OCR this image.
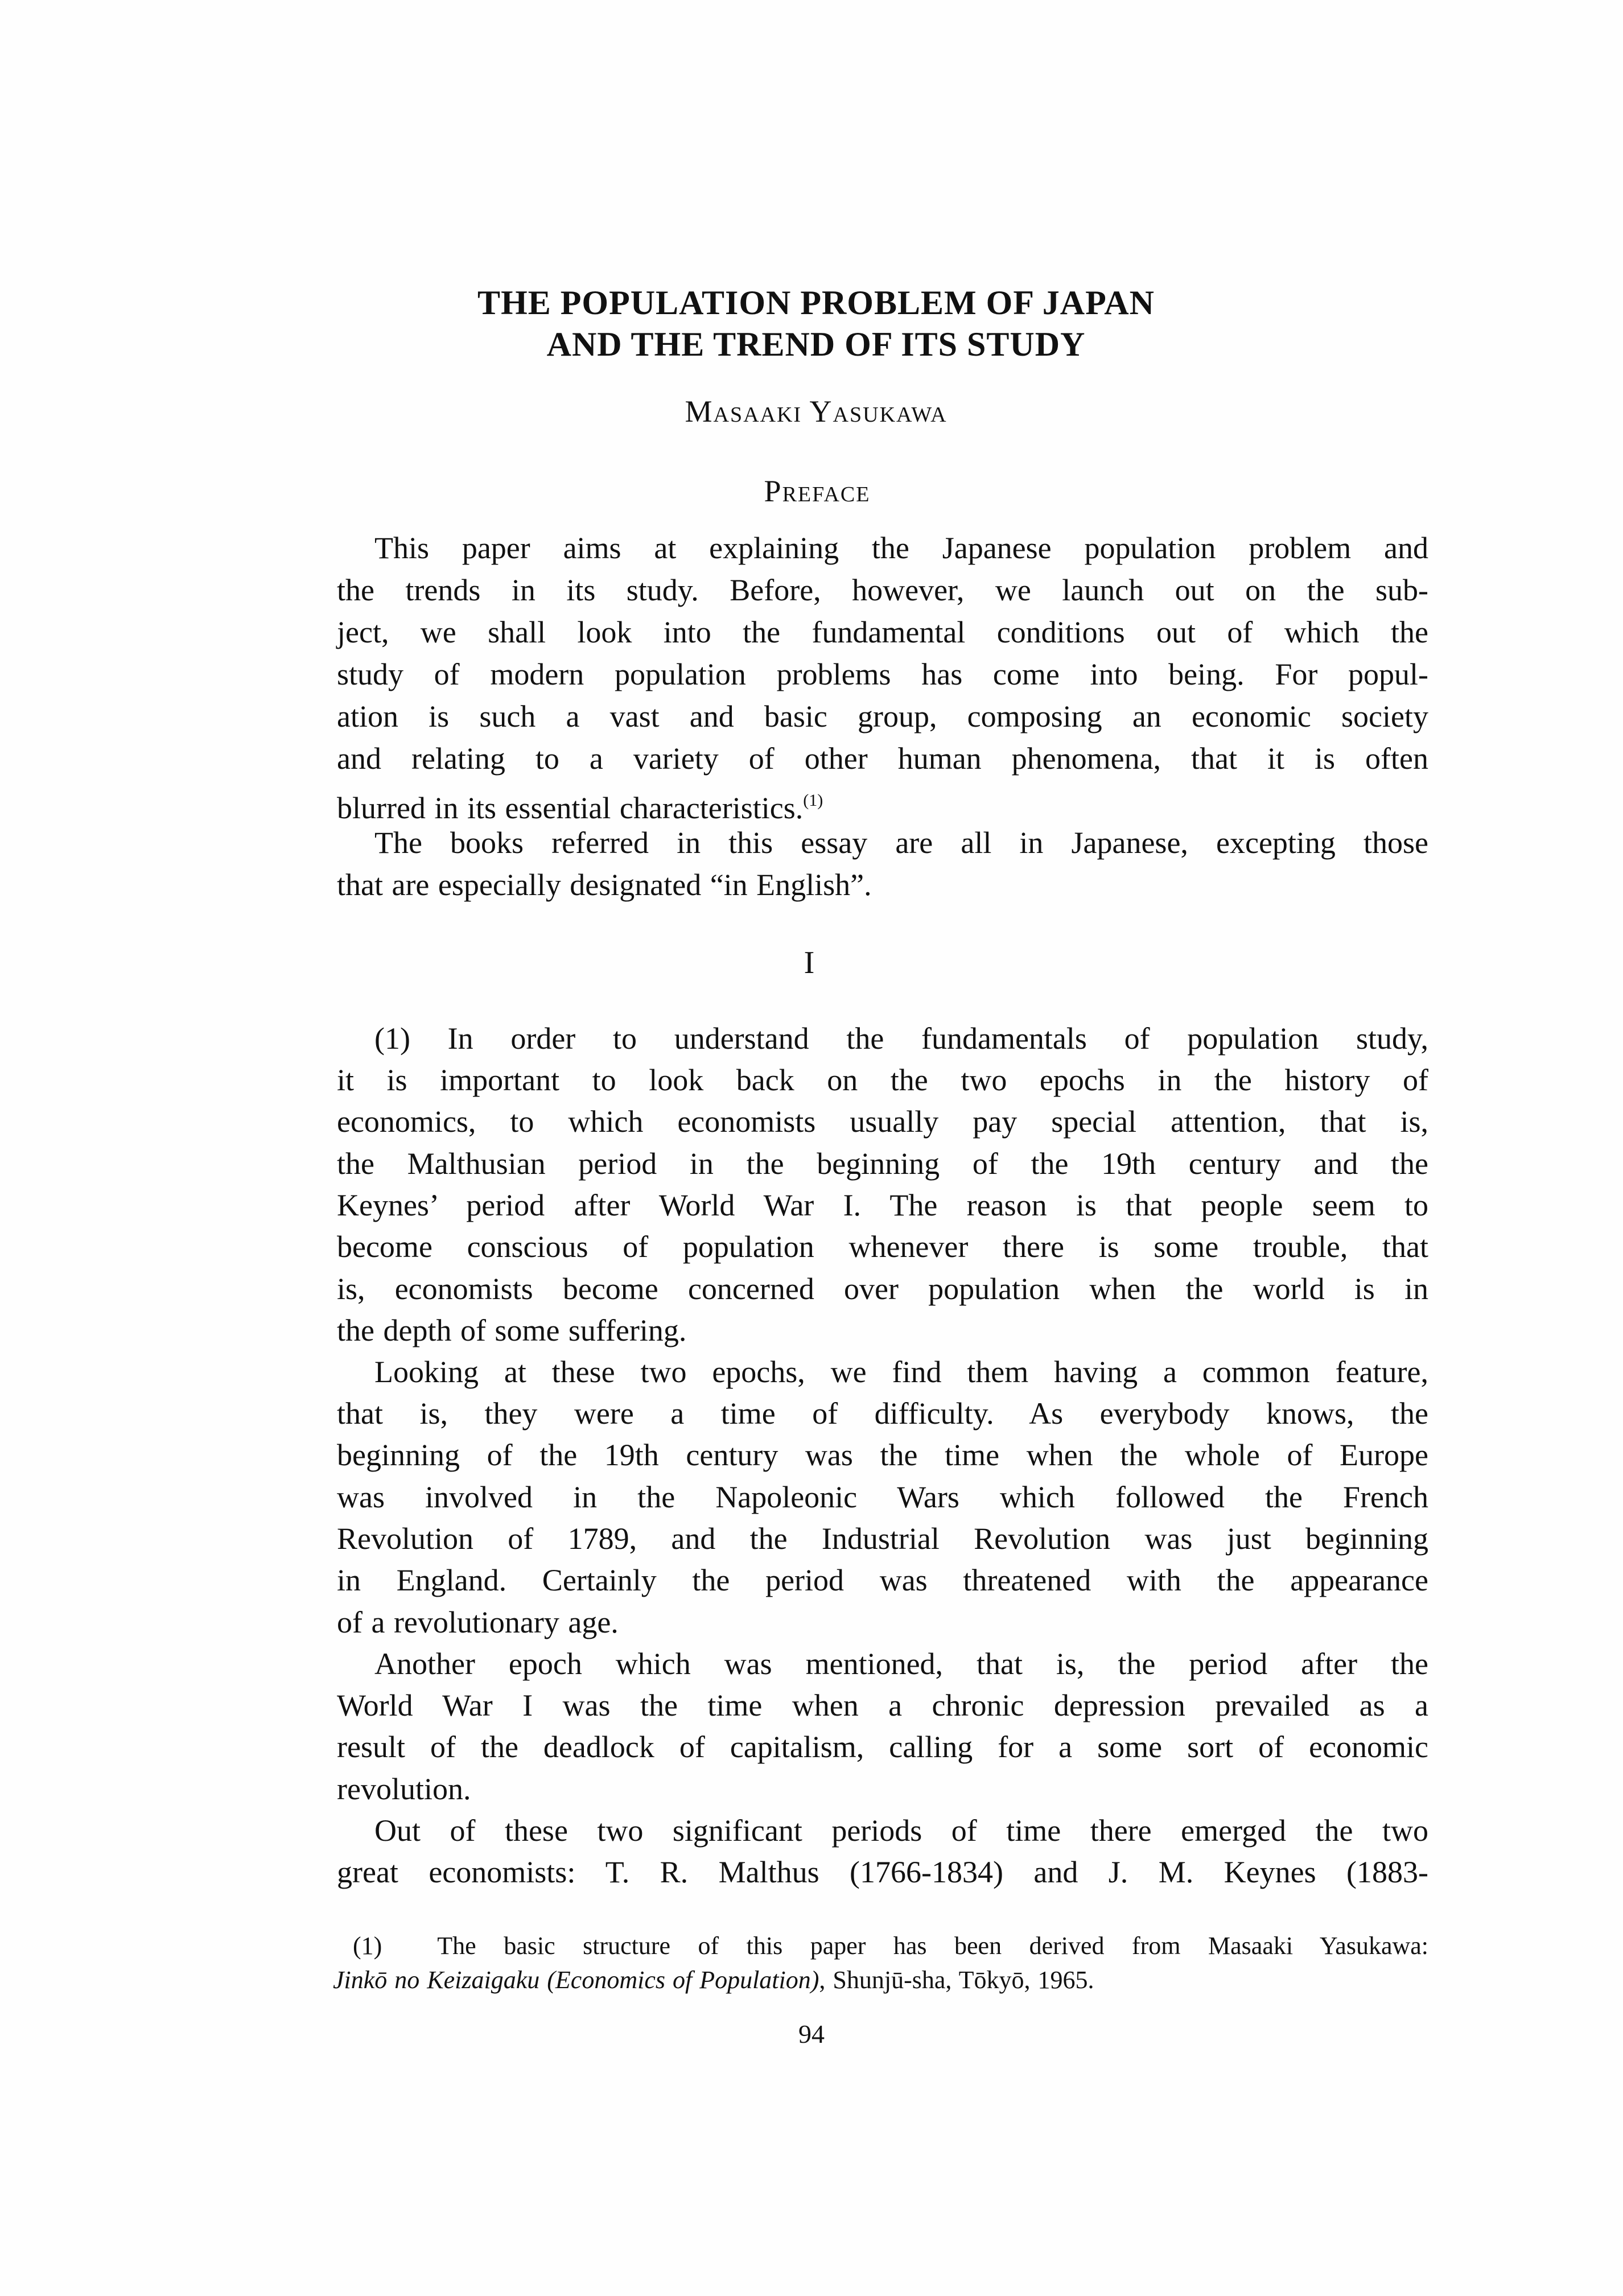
THE POPULATION PROBLEM OF JAPAN
AND THE TREND OF ITS STUDY
Masaaki Yasukawa
Preface
This paper aims at explaining the Japanese population problem and
the trends in its study. Before, however, we launch out on the sub-
ject, we shall look into the fundamental conditions out of which the
study of modern population problems has come into being. For popul-
ation is such a vast and basic group, composing an economic society
and relating to a variety of other human phenomena, that it is often
blurred in its essential characteristics.$^{(1)}$
The books referred in this essay are all in Japanese, excepting those
that are especially designated “in English”.
I
(1) In order to understand the fundamentals of population study,
it is important to look back on the two epochs in the history of
economics, to which economists usually pay special attention, that is,
the Malthusian period in the beginning of the 19th century and the
Keynes’ period after World War I. The reason is that people seem to
become conscious of population whenever there is some trouble, that
is, economists become concerned over population when the world is in
the depth of some suffering.
Looking at these two epochs, we find them having a common feature,
that is, they were a time of difficulty. As everybody knows, the
beginning of the 19th century was the time when the whole of Europe
was involved in the Napoleonic Wars which followed the French
Revolution of 1789, and the Industrial Revolution was just beginning
in England. Certainly the period was threatened with the appearance
of a revolutionary age.
Another epoch which was mentioned, that is, the period after the
World War I was the time when a chronic depression prevailed as a
result of the deadlock of capitalism, calling for a some sort of economic
revolution.
Out of these two significant periods of time there emerged the two
great economists: T. R. Malthus (1766-1834) and J. M. Keynes (1883-
(1) The basic structure of this paper has been derived from Masaaki Yasukawa:
Jinkō no Keizaigaku (Economics of Population), Shunjū-sha, Tōkyō, 1965.
94
